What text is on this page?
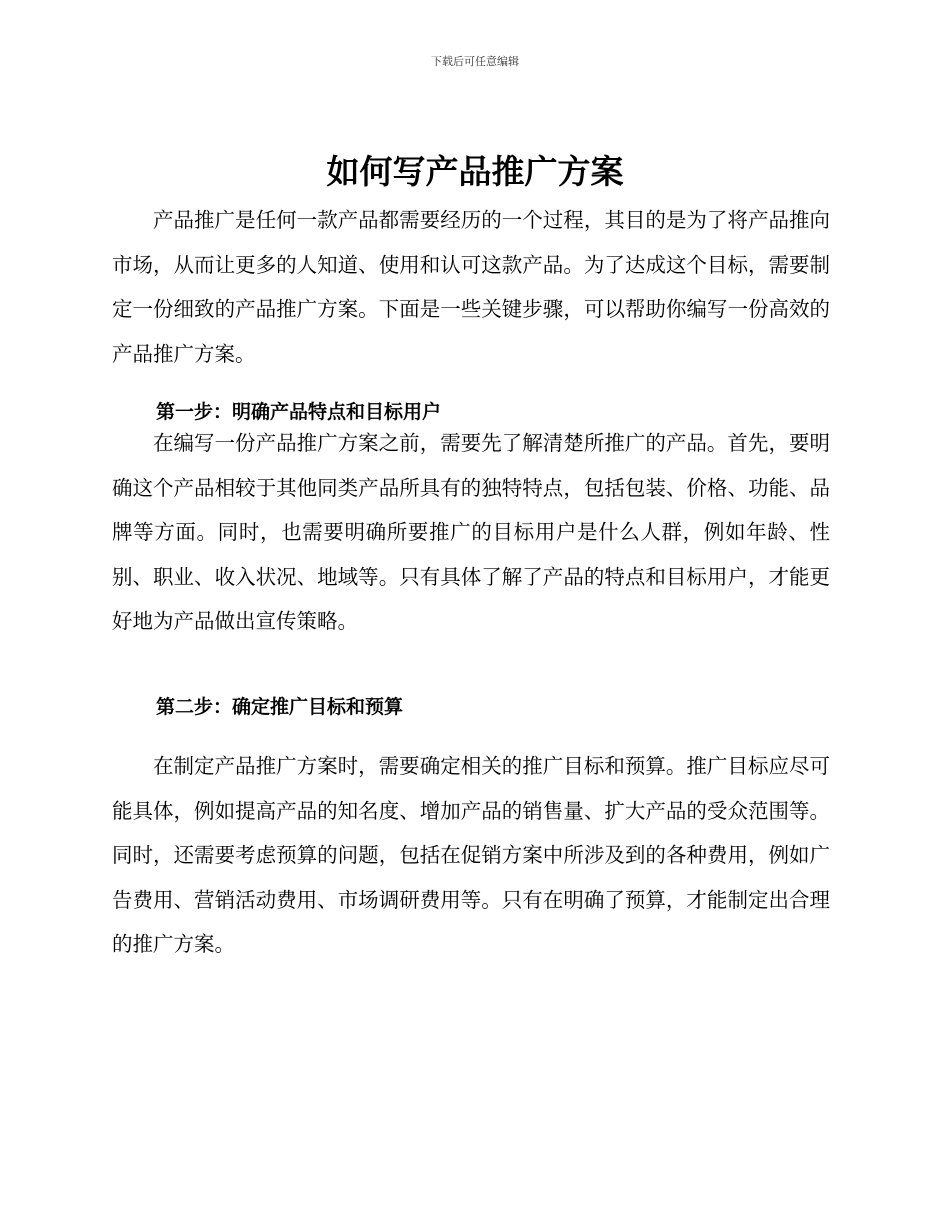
下载后可任意编辑
如何写产品推广方案

产品推广是任何一款产品都需要经历的一个过程，其目的是为了将产品推向市场，从而让更多的人知道、使用和认可这款产品。为了达成这个目标，需要制定一份细致的产品推广方案。下面是一些关键步骤，可以帮助你编写一份高效的产品推广方案。

第一步：明确产品特点和目标用户

在编写一份产品推广方案之前，需要先了解清楚所推广的产品。首先，要明确这个产品相较于其他同类产品所具有的独特特点，包括包装、价格、功能、品牌等方面。同时，也需要明确所要推广的目标用户是什么人群，例如年龄、性别、职业、收入状况、地域等。只有具体了解了产品的特点和目标用户，才能更好地为产品做出宣传策略。

第二步：确定推广目标和预算

在制定产品推广方案时，需要确定相关的推广目标和预算。推广目标应尽可能具体，例如提高产品的知名度、增加产品的销售量、扩大产品的受众范围等。同时，还需要考虑预算的问题，包括在促销方案中所涉及到的各种费用，例如广告费用、营销活动费用、市场调研费用等。只有在明确了预算，才能制定出合理的推广方案。
